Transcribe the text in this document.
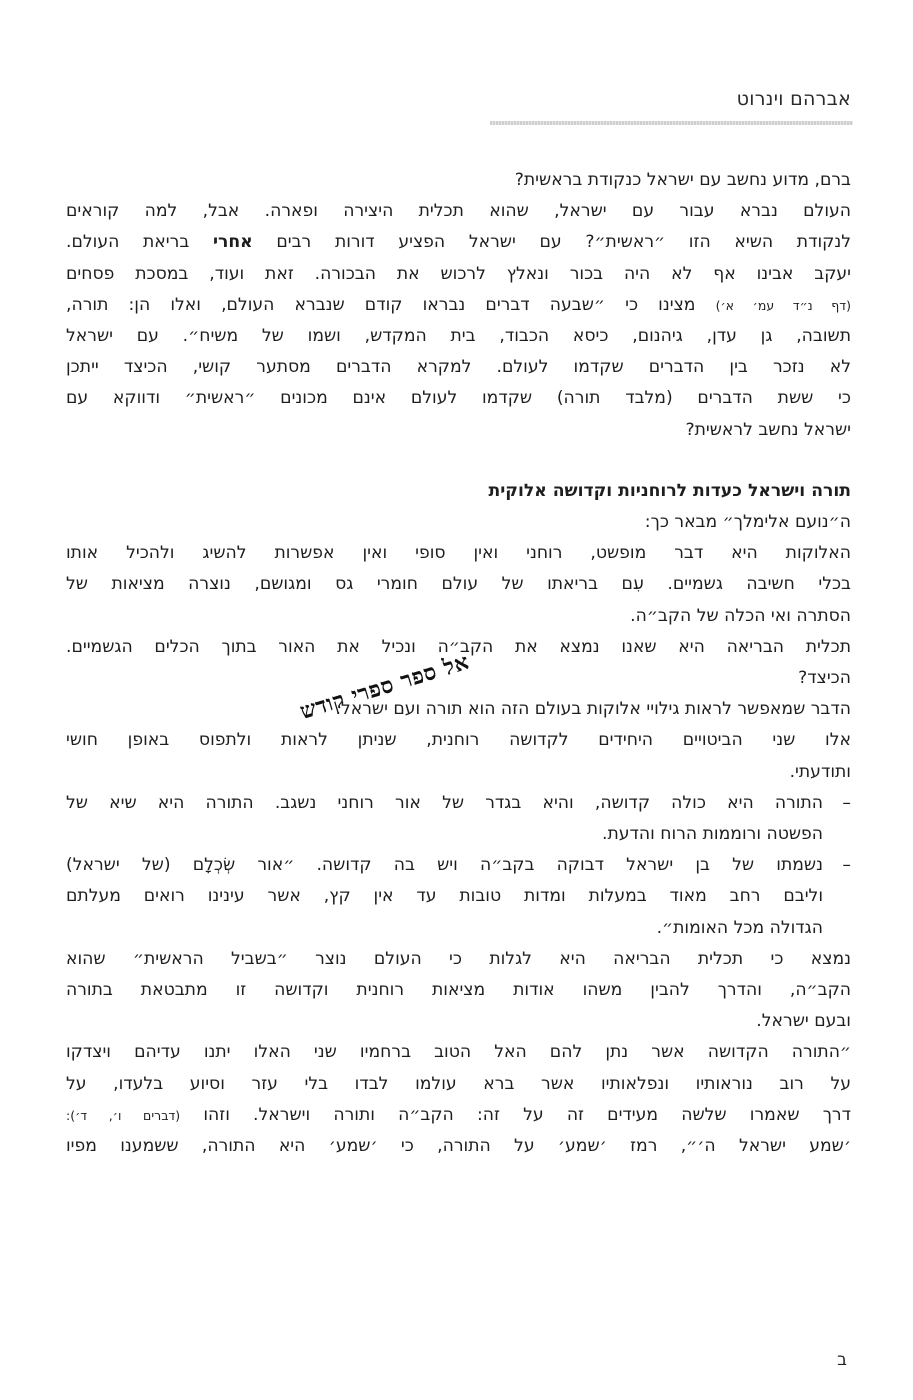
אברהם וינרוט
ברם, מדוע נחשב עם ישראל כנקודת בראשית?
העולם נברא עבור עם ישראל, שהוא תכלית היצירה ופארה. אבל, למה קוראים
לנקודת השיא הזו ״ראשית״? עם ישראל הפציע דורות רבים אחרי בריאת העולם.
יעקב אבינו אף לא היה בכור ונאלץ לרכוש את הבכורה. זאת ועוד, במסכת פסחים
(דף נ״ד עמ׳ א׳) מצינו כי ״שבעה דברים נבראו קודם שנברא העולם, ואלו הן: תורה,
תשובה, גן עדן, גיהנום, כיסא הכבוד, בית המקדש, ושמו של משיח״. עם ישראל
לא נזכר בין הדברים שקדמו לעולם. למקרא הדברים מסתער קושי, הכיצד ייתכן
כי ששת הדברים (מלבד תורה) שקדמו לעולם אינם מכונים ״ראשית״ ודווקא עם
ישראל נחשב לראשית?
תורה וישראל כעדות לרוחניות וקדושה אלוקית
ה״נועם אלימלך״ מבאר כך:
האלוקות היא דבר מופשט, רוחני ואין סופי ואין אפשרות להשיג ולהכיל אותו
בכלי חשיבה גשמיים. עִם בריאתו של עולם חומרי גס ומגושם, נוצרה מציאות של
הסתרה ואי הכלה של הקב״ה.
תכלית הבריאה היא שאנו נמצא את הקב״ה ונכיל את האור בתוך הכלים הגשמיים.
הכיצד?
הדבר שמאפשר לראות גילויי אלוקות בעולם הזה הוא תורה ועם ישראל.
אלו שני הביטויים היחידים לקדושה רוחנית, שניתן לראות ולתפוס באופן חושי
ותודעתי.
–
התורה היא כולה קדושה, והיא בגדר של אור רוחני נשגב. התורה היא שיא של
הפשטה ורוממות הרוח והדעת.
–
נשמתו של בן ישראל דבוקה בקב״ה ויש בה קדושה. ״אור שְׂכְלָם (של ישראל)
וליבם רחב מאוד במעלות ומדות טובות עד אין קץ, אשר עינינו רואים מעלתם
הגדולה מכל האומות״.
נמצא כי תכלית הבריאה היא לגלות כי העולם נוצר ״בשביל הראשית״ שהוא
הקב״ה, והדרך להבין משהו אודות מציאות רוחנית וקדושה זו מתבטאת בתורה
ובעם ישראל.
״התורה הקדושה אשר נתן להם האל הטוב ברחמיו שני האלו יתנו עדיהם ויצדקו
על רוב נוראותיו ונפלאותיו אשר ברא עולמו לבדו בלי עזר וסיוע בלעדו, על
דרך שאמרו שלשה מעידים זה על זה: הקב״ה ותורה וישראל. וזהו (דברים ו׳, ד׳):
׳שמע ישראל ה׳״, רמז ׳שמע׳ על התורה, כי ׳שמע׳ היא התורה, ששמענו מפיו
אל ספר ספרי קודש
ב
